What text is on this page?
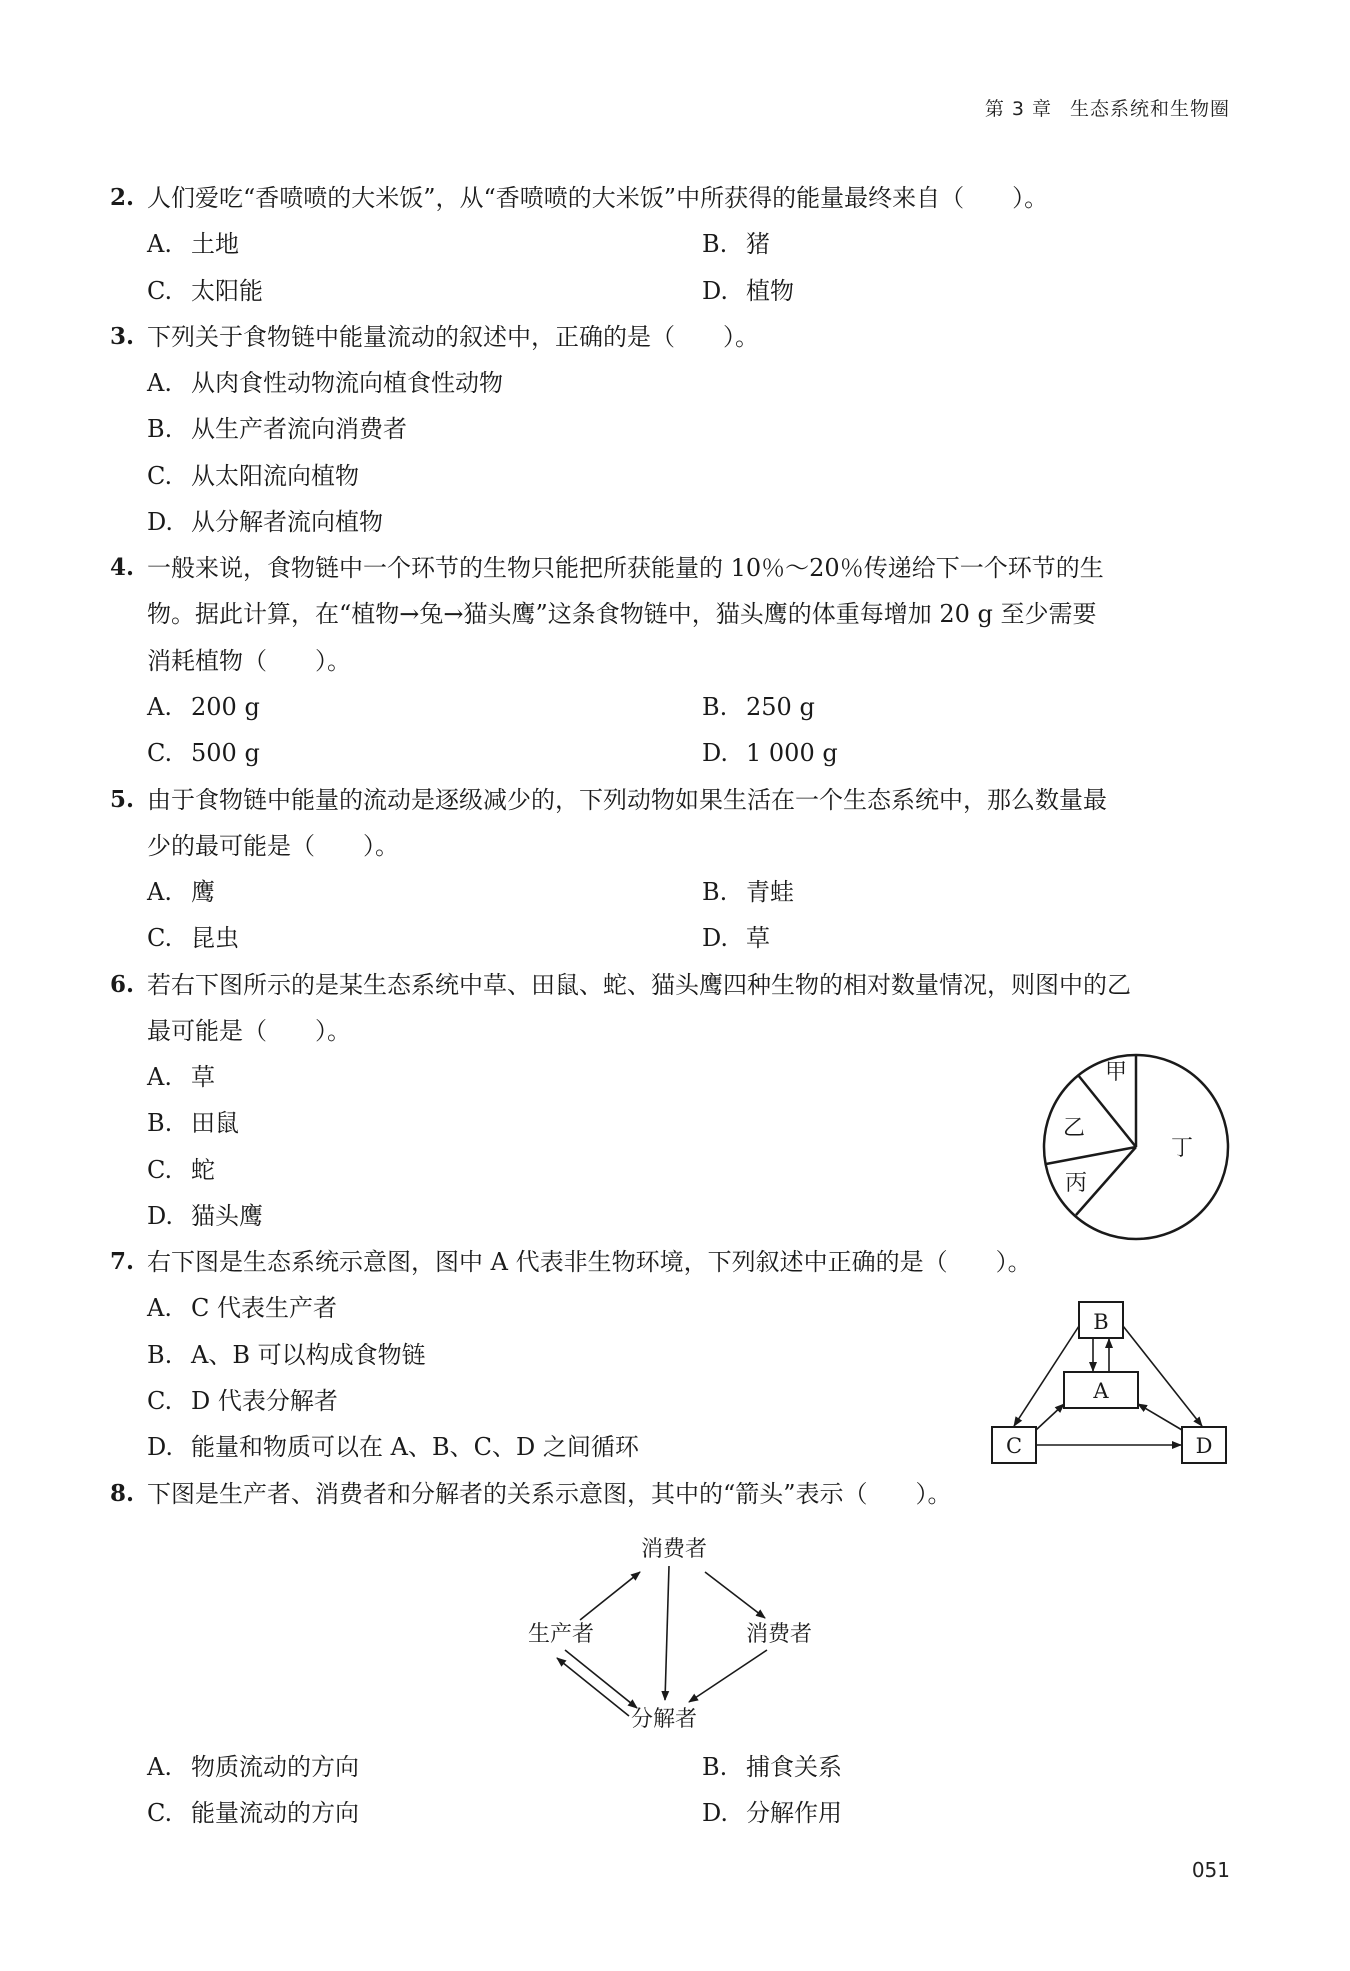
第 3 章 生态系统和生物圈
2. 人们爱吃“香喷喷的大米饭”，从“香喷喷的大米饭”中所获得的能量最终来自（　　）。
A. 土地	B. 猪
C. 太阳能	D. 植物
3. 下列关于食物链中能量流动的叙述中，正确的是（　　）。
A. 从肉食性动物流向植食性动物
B. 从生产者流向消费者
C. 从太阳流向植物
D. 从分解者流向植物
4. 一般来说，食物链中一个环节的生物只能把所获能量的 10％～20％传递给下一个环节的生
物。据此计算，在“植物→兔→猫头鹰”这条食物链中，猫头鹰的体重每增加 20 g 至少需要
消耗植物（　　）。
A. 200 g	B. 250 g
C. 500 g	D. 1 000 g
5. 由于食物链中能量的流动是逐级减少的，下列动物如果生活在一个生态系统中，那么数量最
少的最可能是（　　）。
A. 鹰	B. 青蛙
C. 昆虫	D. 草
6. 若右下图所示的是某生态系统中草、田鼠、蛇、猫头鹰四种生物的相对数量情况，则图中的乙
最可能是（　　）。
A. 草
B. 田鼠
C. 蛇
D. 猫头鹰
甲
乙
丙
丁
7. 右下图是生态系统示意图，图中 A 代表非生物环境，下列叙述中正确的是（　　）。
A. C 代表生产者
B. A、B 可以构成食物链
C. D 代表分解者
D. 能量和物质可以在 A、B、C、D 之间循环
B
A
C	D
8. 下图是生产者、消费者和分解者的关系示意图，其中的“箭头”表示（　　）。
消费者
生产者	消费者
分解者
A. 物质流动的方向	B. 捕食关系
C. 能量流动的方向	D. 分解作用
051
